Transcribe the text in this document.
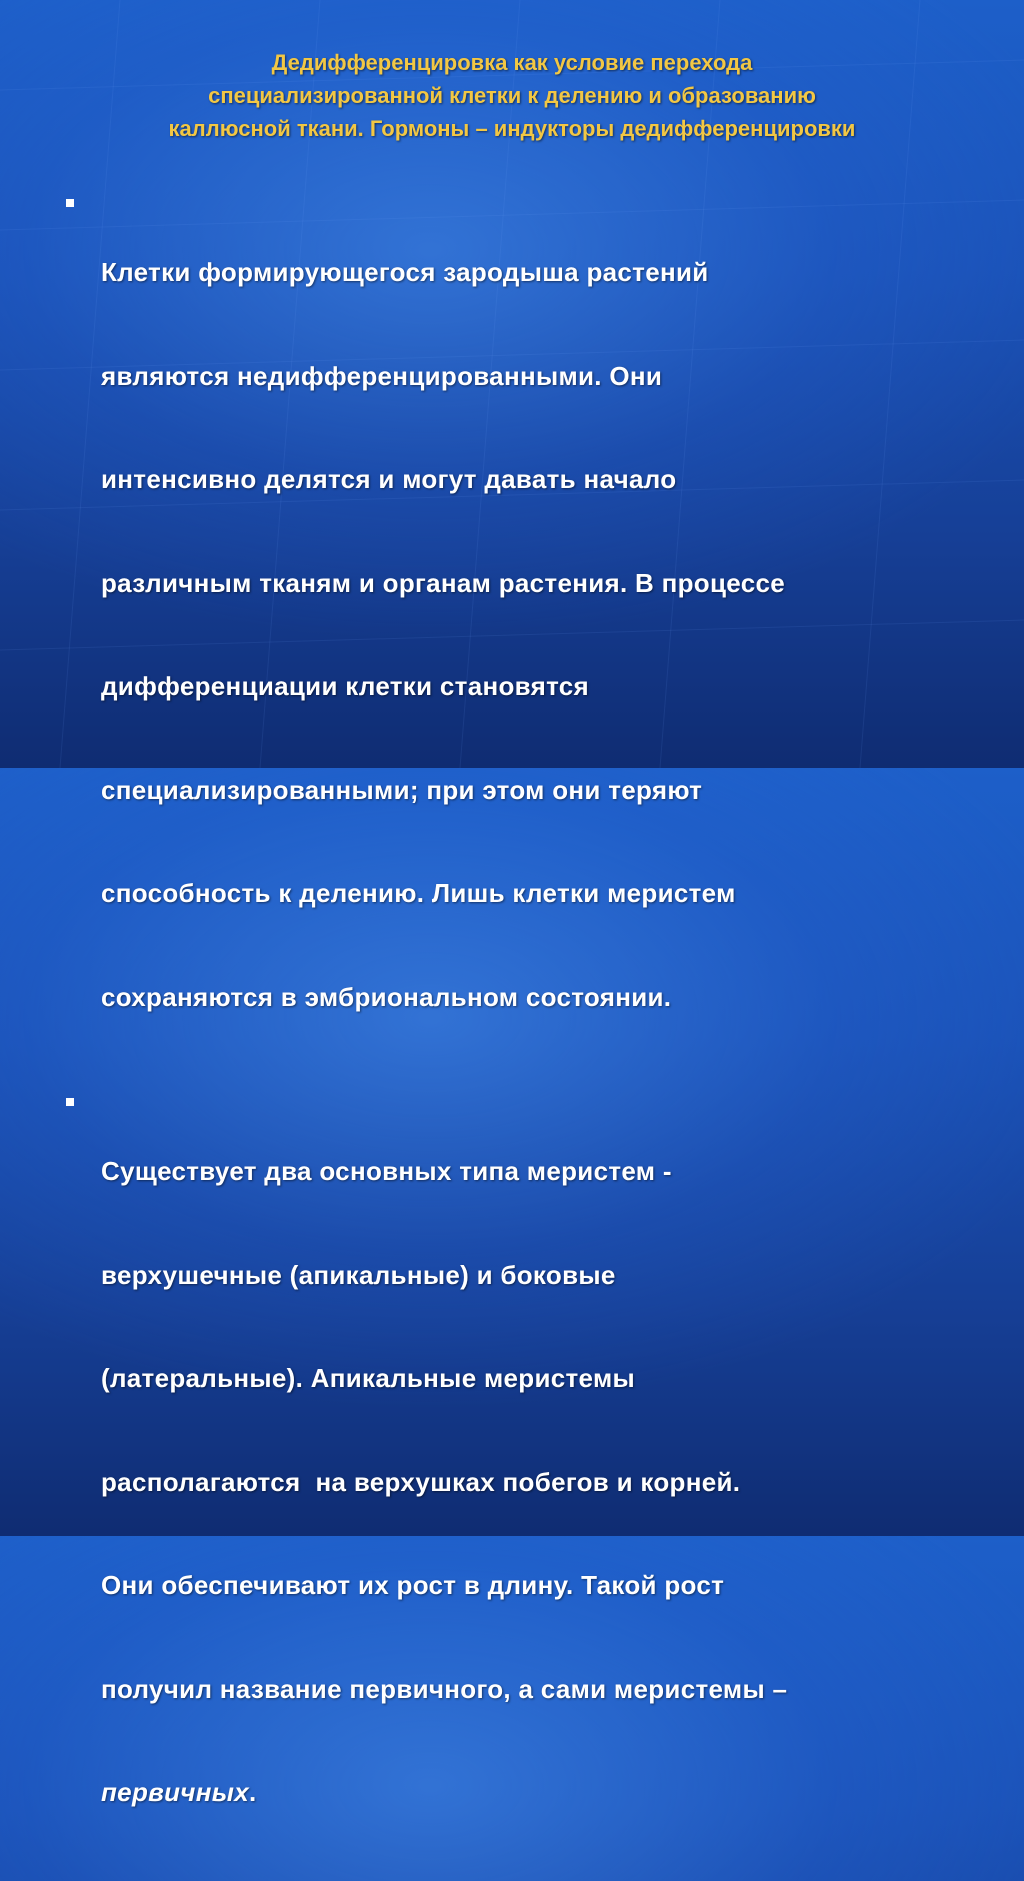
Дедифференцировка как условие перехода
специализированной клетки к делению и образованию
каллюсной ткани. Гормоны – индукторы дедифференцировки

Клетки формирующегося зародыша растений

являются недифференцированными. Они

интенсивно делятся и могут давать начало

различным тканям и органам растения. В процессе

дифференциации клетки становятся

специализированными; при этом они теряют

способность к делению. Лишь клетки меристем

сохраняются в эмбриональном состоянии.

Существует два основных типа меристем -

верхушечные (апикальные) и боковые

(латеральные). Апикальные меристемы

располагаются  на верхушках побегов и корней.

Они обеспечивают их рост в длину. Такой рост

получил название первичного, а сами меристемы –

первичных.
